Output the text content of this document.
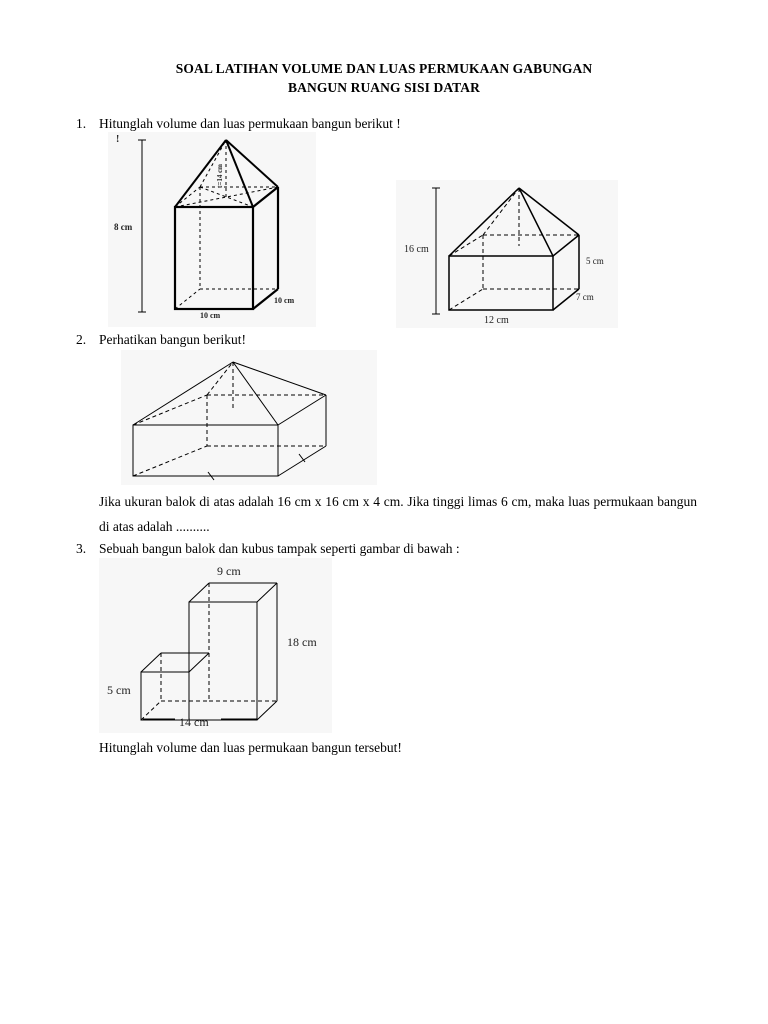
SOAL LATIHAN VOLUME DAN LUAS PERMUKAAN GABUNGAN
BANGUN RUANG SISI DATAR
1. Hitunglah volume dan luas permukaan bangun berikut !
!
8 cm
t=14 cm
10 cm
10 cm
16 cm
5 cm
7 cm
12 cm
2. Perhatikan bangun berikut!
Jika ukuran balok di atas adalah 16 cm x 16 cm x 4 cm. Jika tinggi limas 6 cm, maka luas permukaan bangun di atas adalah ..........
3. Sebuah bangun balok dan kubus tampak seperti gambar di bawah :
9 cm
18 cm
5 cm
14 cm
Hitunglah volume dan luas permukaan bangun tersebut!
